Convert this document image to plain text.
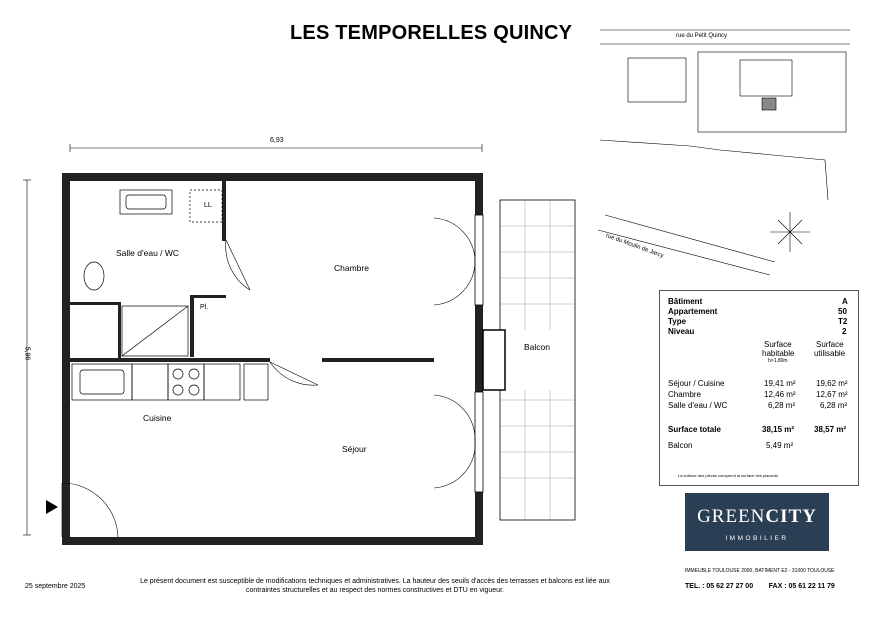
LES TEMPORELLES QUINCY	rue du Petit Quincy
rue du Moulin de Jarcy
6,93
5,96
Salle d'eau / WC
LL
Chambre
Pl.
Cuisine
Séjour
Balcon
Bâtiment	A
Appartement	50
Type	T2
Niveau	2
Surface
habitable
h>1.80m
Surface
utilisable
Séjour / Cuisine	19,41 m²	19,62 m²
Chambre	12,46 m²	12,67 m²
Salle d'eau / WC	6,28 m²	6,28 m²
Surface totale	38,15 m² 38,57 m²
Balcon	5,49 m²
La surface des pièces comprend la surface des placards
GREENCITY
IMMOBILIER
IMMEUBLE TOULOUSE 2000, BATIMENT E2 - 31000 TOULOUSE
TEL. : 05 62 27 27 00        FAX : 05 61 22 11 79
25 septembre 2025
Le présent document est susceptible de modifications techniques et administratives. La hauteur des seuils d'accès des terrasses et balcons est liée aux
contraintes structurelles et au respect des normes constructives et DTU en vigueur.
